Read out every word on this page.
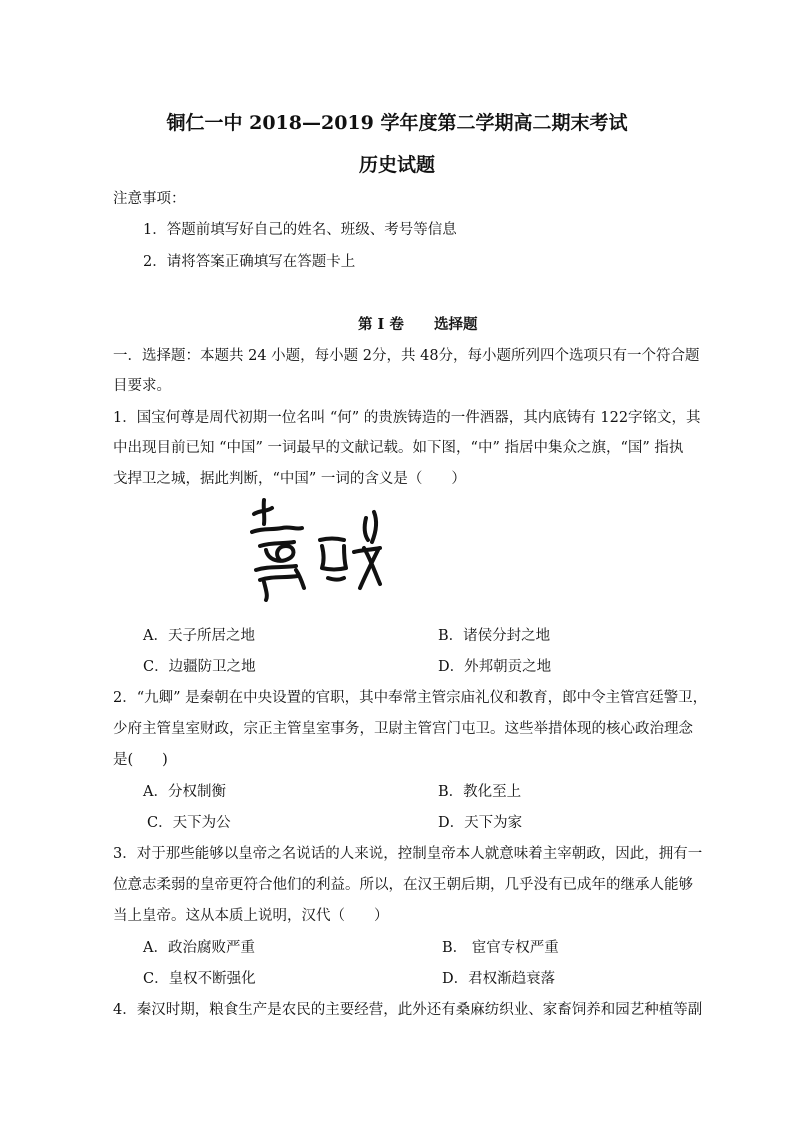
铜仁一中 2018—2019 学年度第二学期高二期末考试
历史试题
注意事项：
1．答题前填写好自己的姓名、班级、考号等信息
2．请将答案正确填写在答题卡上
第 I 卷 选择题
一．选择题：本题共 24 小题，每小题 2分，共 48分，每小题所列四个选项只有一个符合题
目要求。
1．国宝何尊是周代初期一位名叫 “何” 的贵族铸造的一件酒器，其内底铸有 122字铭文，其
中出现目前已知 “中国” 一词最早的文献记载。如下图，“中” 指居中集众之旗，“国” 指执
戈捍卫之城，据此判断，“中国” 一词的含义是（　　）
A．天子所居之地	B．诸侯分封之地
C．边疆防卫之地	D．外邦朝贡之地
2．“九卿” 是秦朝在中央设置的官职，其中奉常主管宗庙礼仪和教育，郎中令主管宫廷警卫，
少府主管皇室财政，宗正主管皇室事务，卫尉主管宫门屯卫。这些举措体现的核心政治理念
是(　　)
A．分权制衡	B．教化至上
C．天下为公	D．天下为家
3．对于那些能够以皇帝之名说话的人来说，控制皇帝本人就意味着主宰朝政，因此，拥有一
位意志柔弱的皇帝更符合他们的利益。所以，在汉王朝后期，几乎没有已成年的继承人能够
当上皇帝。这从本质上说明，汉代（　　）
A．政治腐败严重	B． 宦官专权严重
C．皇权不断强化	D．君权渐趋衰落
4．秦汉时期，粮食生产是农民的主要经营，此外还有桑麻纺织业、家畜饲养和园艺种植等副
